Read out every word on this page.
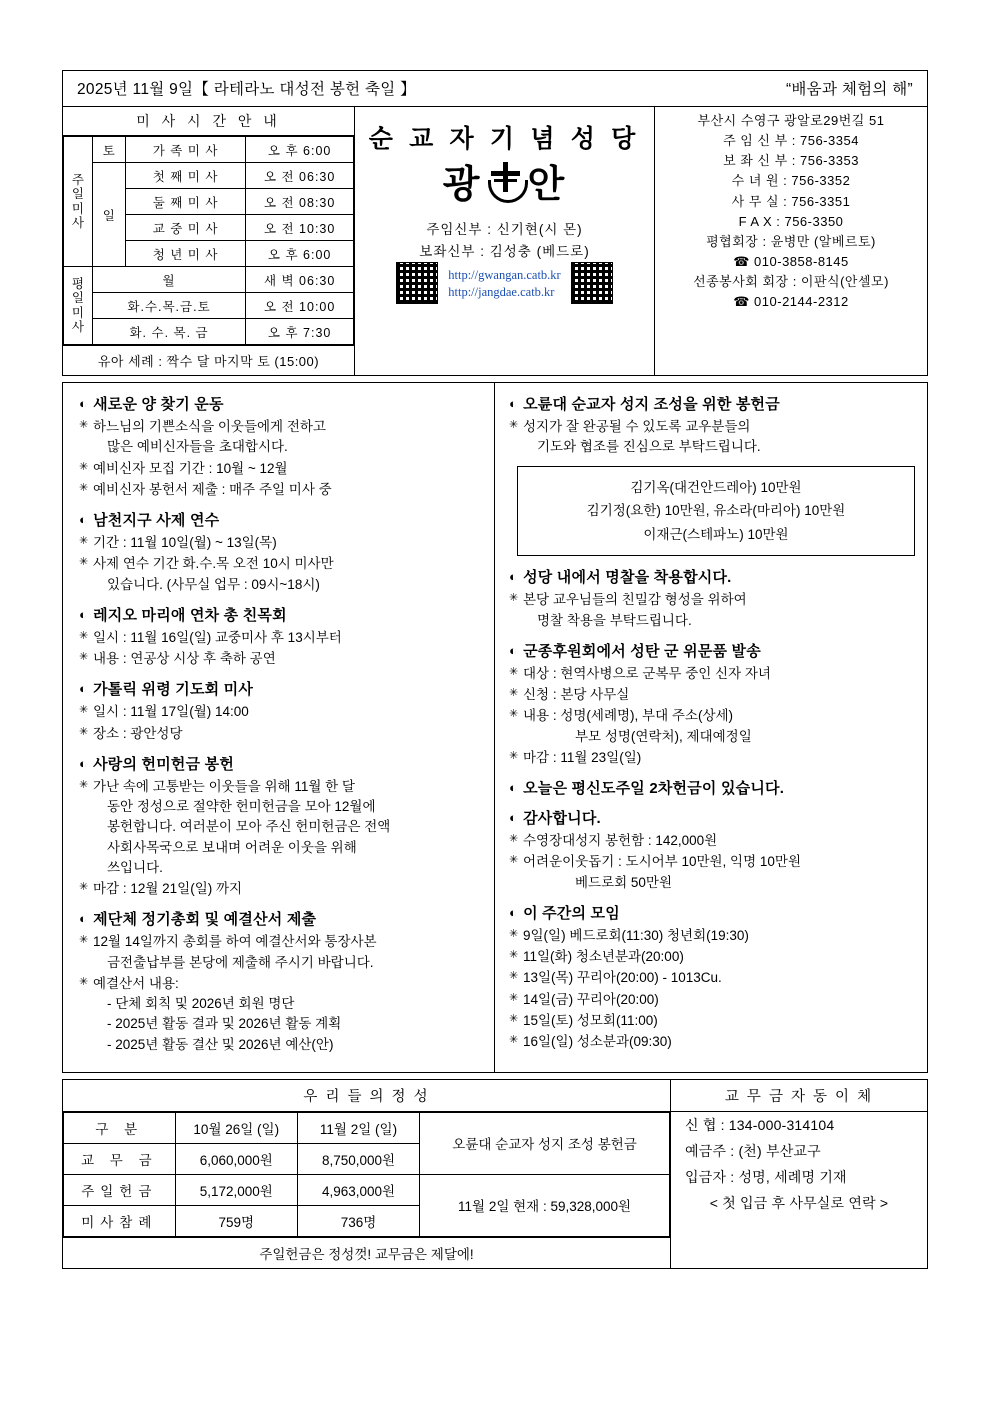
2025년 11월 9일【 라테라노 대성전 봉헌 축일 】	“배움과 체험의 해”
미 사 시 간 안 내
주 일 미 사	토	가 족 미 사	오 후 6:00
	일	첫 째 미 사	오 전 06:30
		둘 째 미 사	오 전 08:30
		교 중 미 사	오 전 10:30
		청 년 미 사	오 후 6:00
평 일 미 사	월		새 벽 06:30
	화.수.목.금.토		오 전 10:00
	화. 수. 목. 금		오 후 7:30
유아 세례 : 짝수 달 마지막 토 (15:00)
순 교 자 기 념 성 당
광 안
주임신부 : 신기현(시 몬)
보좌신부 : 김성충 (베드로)
http://gwangan.catb.kr
http://jangdae.catb.kr
부산시 수영구 광알로29번길 51
주 임 신 부 : 756-3354
보 좌 신 부 : 756-3353
수 녀 원 : 756-3352
사 무 실 : 756-3351
F A X : 756-3350
평협회장 : 윤병만 (알베르토)
☎ 010-3858-8145
선종봉사회 회장 : 이판식(안셀모)
☎ 010-2144-2312
◐ 새로운 양 찾기 운동
✳ 하느님의 기쁜소식을 이웃들에게 전하고
많은 예비신자들을 초대합시다.
✳ 예비신자 모집 기간 : 10월 ~ 12월
✳ 예비신자 봉헌서 제출 : 매주 주일 미사 중
◐ 남천지구 사제 연수
✳ 기간 : 11월 10일(월) ~ 13일(목)
✳ 사제 연수 기간 화.수.목 오전 10시 미사만
있습니다. (사무실 업무 : 09시~18시)
◐ 레지오 마리애 연차 총 친목회
✳ 일시 : 11월 16일(일) 교중미사 후 13시부터
✳ 내용 : 연공상 시상 후 축하 공연
◐ 가톨릭 위령 기도회 미사
✳ 일시 : 11월 17일(월) 14:00
✳ 장소 : 광안성당
◐ 사랑의 헌미헌금 봉헌
✳ 가난 속에 고통받는 이웃들을 위해 11월 한 달
동안 정성으로 절약한 헌미헌금을 모아 12월에
봉헌합니다. 여러분이 모아 주신 헌미헌금은 전액
사회사목국으로 보내며 어려운 이웃을 위해
쓰입니다.
✳ 마감 : 12월 21일(일) 까지
◐ 제단체 정기총회 및 예결산서 제출
✳ 12월 14일까지 총회를 하여 예결산서와 통장사본
금전출납부를 본당에 제출해 주시기 바랍니다.
✳ 예결산서 내용:
- 단체 회칙 및 2026년 회원 명단
- 2025년 활동 결과 및 2026년 활동 계획
- 2025년 활동 결산 및 2026년 예산(안)
◐ 오륜대 순교자 성지 조성을 위한 봉헌금
✳ 성지가 잘 완공될 수 있도록 교우분들의
기도와 협조를 진심으로 부탁드립니다.
김기옥(대건안드레아) 10만원
김기정(요한) 10만원, 유소라(마리아) 10만원
이재근(스테파노) 10만원
◐ 성당 내에서 명찰을 착용합시다.
✳ 본당 교우님들의 친밀감 형성을 위하여
명찰 착용을 부탁드립니다.
◐ 군종후원회에서 성탄 군 위문품 발송
✳ 대상 : 현역사병으로 군복무 중인 신자 자녀
✳ 신청 : 본당 사무실
✳ 내용 : 성명(세례명), 부대 주소(상세)
부모 성명(연락처), 제대예정일
✳ 마감 : 11월 23일(일)
◐ 오늘은 평신도주일 2차헌금이 있습니다.
◐ 감사합니다.
✳ 수영장대성지 봉헌함 : 142,000원
✳ 어려운이웃돕기 : 도시어부 10만원, 익명 10만원
베드로회 50만원
◐ 이 주간의 모임
✳ 9일(일) 베드로회(11:30) 청년회(19:30)
✳ 11일(화) 청소년분과(20:00)
✳ 13일(목) 꾸리아(20:00) - 1013Cu.
✳ 14일(금) 꾸리아(20:00)
✳ 15일(토) 성모회(11:00)
✳ 16일(일) 성소분과(09:30)
우 리 들 의 정 성
구 분	10월 26일 (일)	11월 2일 (일)	오륜대 순교자 성지 조성 봉헌금
교 무 금	6,060,000원	8,750,000원	
주일헌금	5,172,000원	4,963,000원	11월 2일 현재 : 59,328,000원
미사참례	759명	736명	
주일헌금은 정성껏! 교무금은 제달에!
교 무 금 자 동 이 체
신 협 : 134-000-314104
예금주 : (천) 부산교구
입금자 : 성명, 세례명 기재
< 첫 입금 후 사무실로 연락 >
